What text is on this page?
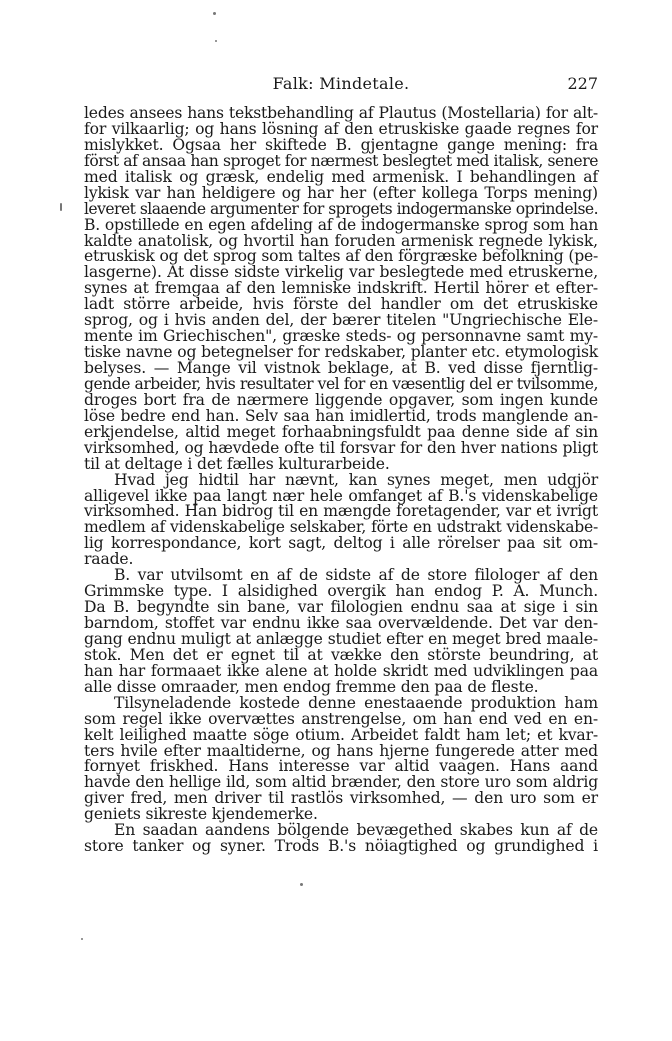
Falk: Mindetale.	227
ledes ansees hans tekstbehandling af Plautus (Mostellaria) for alt-
for vilkaarlig; og hans lösning af den etruskiske gaade regnes for
mislykket. Ogsaa her skiftede B. gjentagne gange mening: fra
först af ansaa han sproget for nærmest beslegtet med italisk, senere
med italisk og græsk, endelig med armenisk. I behandlingen af
lykisk var han heldigere og har her (efter kollega Torps mening)
leveret slaaende argumenter for sprogets indogermanske oprindelse.
B. opstillede en egen afdeling af de indogermanske sprog som han
kaldte anatolisk, og hvortil han foruden armenisk regnede lykisk,
etruskisk og det sprog som taltes af den förgræske befolkning (pe-
lasgerne). At disse sidste virkelig var beslegtede med etruskerne,
synes at fremgaa af den lemniske indskrift. Hertil hörer et efter-
ladt större arbeide, hvis förste del handler om det etruskiske
sprog, og i hvis anden del, der bærer titelen "Ungriechische Ele-
mente im Griechischen", græske steds- og personnavne samt my-
tiske navne og betegnelser for redskaber, planter etc. etymologisk
belyses. — Mange vil vistnok beklage, at B. ved disse fjerntlig-
gende arbeider, hvis resultater vel for en væsentlig del er tvilsomme,
droges bort fra de nærmere liggende opgaver, som ingen kunde
löse bedre end han. Selv saa han imidlertid, trods manglende an-
erkjendelse, altid meget forhaabningsfuldt paa denne side af sin
virksomhed, og hævdede ofte til forsvar for den hver nations pligt
til at deltage i det fælles kulturarbeide.
Hvad jeg hidtil har nævnt, kan synes meget, men udgjör
alligevel ikke paa langt nær hele omfanget af B.'s videnskabelige
virksomhed. Han bidrog til en mængde foretagender, var et ivrigt
medlem af videnskabelige selskaber, förte en udstrakt videnskabe-
lig korrespondance, kort sagt, deltog i alle rörelser paa sit om-
raade.
B. var utvilsomt en af de sidste af de store filologer af den
Grimmske type. I alsidighed overgik han endog P. A. Munch.
Da B. begyndte sin bane, var filologien endnu saa at sige i sin
barndom, stoffet var endnu ikke saa overvældende. Det var den-
gang endnu muligt at anlægge studiet efter en meget bred maale-
stok. Men det er egnet til at vække den störste beundring, at
han har formaaet ikke alene at holde skridt med udviklingen paa
alle disse omraader, men endog fremme den paa de fleste.
Tilsyneladende kostede denne enestaaende produktion ham
som regel ikke overvættes anstrengelse, om han end ved en en-
kelt leilighed maatte söge otium. Arbeidet faldt ham let; et kvar-
ters hvile efter maaltiderne, og hans hjerne fungerede atter med
fornyet friskhed. Hans interesse var altid vaagen. Hans aand
havde den hellige ild, som altid brænder, den store uro som aldrig
giver fred, men driver til rastlös virksomhed, — den uro som er
geniets sikreste kjendemerke.
En saadan aandens bölgende bevægethed skabes kun af de
store tanker og syner. Trods B.'s nöiagtighed og grundighed i
